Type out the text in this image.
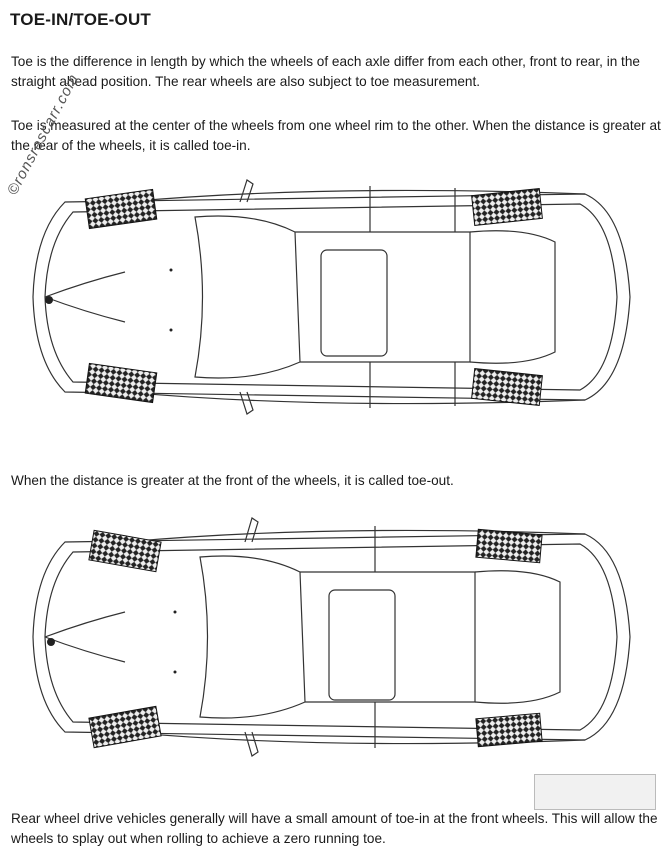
TOE-IN/TOE-OUT

Toe is the difference in length by which the wheels of each axle differ from each other, front to rear, in the straight ahead position. The rear wheels are also subject to toe measurement.

Toe is measured at the center of the wheels from one wheel rim to the other. When the distance is greater at the rear of the wheels, it is called toe-in.

When the distance is greater at the front of the wheels, it is called toe-out.

Rear wheel drive vehicles generally will have a small amount of toe-in at the front wheels. This will allow the wheels to splay out when rolling to achieve a zero running toe.

©ronsrescarr.com
